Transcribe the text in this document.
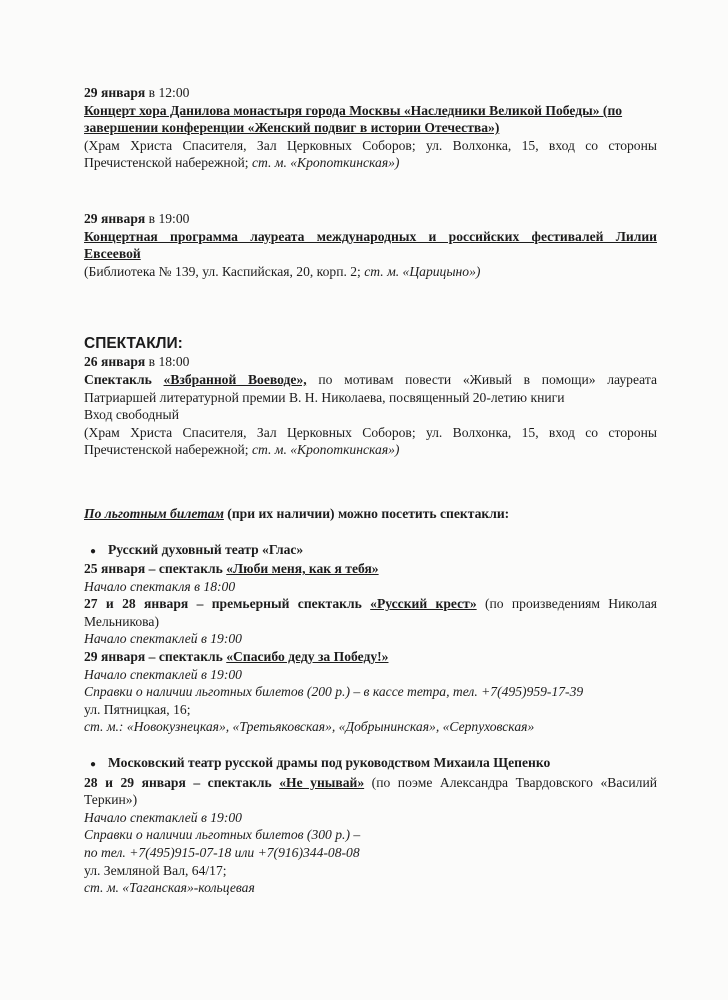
29 января в 12:00
Концерт хора Данилова монастыря города Москвы «Наследники Великой Победы» (по
завершении конференции «Женский подвиг в истории Отечества»)
(Храм Христа Спасителя, Зал Церковных Соборов; ул. Волхонка, 15, вход со стороны
Пречистенской набережной; ст. м. «Кропоткинская»)
29 января в 19:00
Концертная программа лауреата международных и российских фестивалей Лилии
Евсеевой
(Библиотека № 139, ул. Каспийская, 20, корп. 2; ст. м. «Царицыно»)
СПЕКТАКЛИ:
26 января в 18:00
Спектакль «Взбранной Воеводе», по мотивам повести «Живый в помощи» лауреата
Патриаршей литературной премии В. Н. Николаева, посвященный 20-летию книги
Вход свободный
(Храм Христа Спасителя, Зал Церковных Соборов; ул. Волхонка, 15, вход со стороны
Пречистенской набережной; ст. м. «Кропоткинская»)
По льготным билетам (при их наличии) можно посетить спектакли:
● Русский духовный театр «Глас»
25 января – спектакль «Люби меня, как я тебя»
Начало спектакля в 18:00
27 и 28 января – премьерный спектакль «Русский крест» (по произведениям Николая
Мельникова)
Начало спектаклей в 19:00
29 января – спектакль «Спасибо деду за Победу!»
Начало спектаклей в 19:00
Справки о наличии льготных билетов (200 р.) – в кассе тетра, тел. +7(495)959-17-39
ул. Пятницкая, 16;
ст. м.: «Новокузнецкая», «Третьяковская», «Добрынинская», «Серпуховская»
● Московский театр русской драмы под руководством Михаила Щепенко
28 и 29 января – спектакль «Не унывай» (по поэме Александра Твардовского «Василий
Теркин»)
Начало спектаклей в 19:00
Справки о наличии льготных билетов (300 р.) –
по тел. +7(495)915-07-18 или +7(916)344-08-08
ул. Земляной Вал, 64/17;
ст. м. «Таганская»-кольцевая
